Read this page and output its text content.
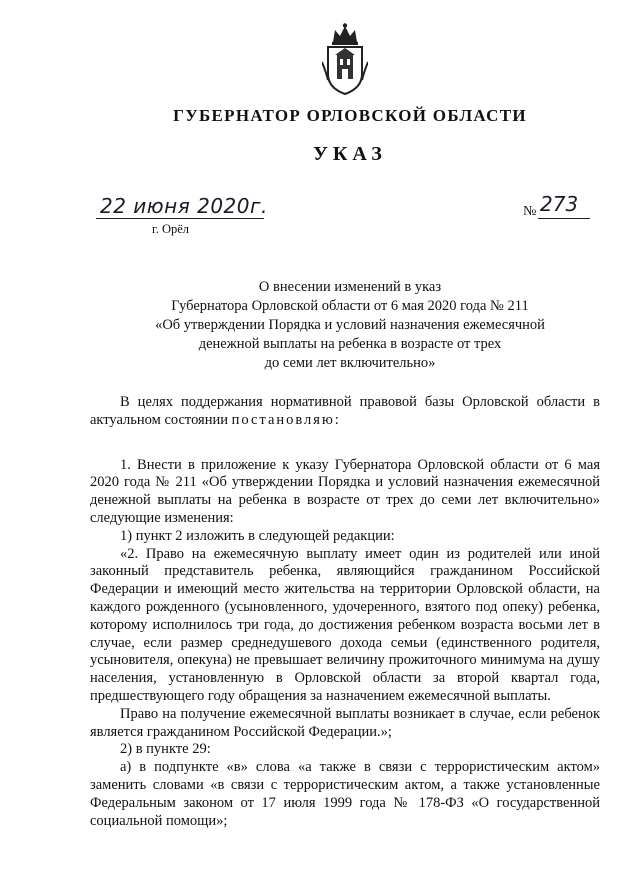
ГУБЕРНАТОР ОРЛОВСКОЙ ОБЛАСТИ
УКАЗ
22 июня 2020г.
г. Орёл
№ 273
О внесении изменений в указ
Губернатора Орловской области от 6 мая 2020 года № 211
«Об утверждении Порядка и условий назначения ежемесячной
денежной выплаты на ребенка в возрасте от трех
до семи лет включительно»

В целях поддержания нормативной правовой базы Орловской области в актуальном состоянии постановляю:

1. Внести в приложение к указу Губернатора Орловской области от 6 мая 2020 года № 211 «Об утверждении Порядка и условий назначения ежемесячной денежной выплаты на ребенка в возрасте от трех до семи лет включительно» следующие изменения:

1) пункт 2 изложить в следующей редакции:

«2. Право на ежемесячную выплату имеет один из родителей или иной законный представитель ребенка, являющийся гражданином Российской Федерации и имеющий место жительства на территории Орловской области, на каждого рожденного (усыновленного, удочеренного, взятого под опеку) ребенка, которому исполнилось три года, до достижения ребенком возраста восьми лет в случае, если размер среднедушевого дохода семьи (единственного родителя, усыновителя, опекуна) не превышает величину прожиточного минимума на душу населения, установленную в Орловской области за второй квартал года, предшествующего году обращения за назначением ежемесячной выплаты.

Право на получение ежемесячной выплаты возникает в случае, если ребенок является гражданином Российской Федерации.»;

2) в пункте 29:

а) в подпункте «в» слова «а также в связи с террористическим актом» заменить словами «в связи с террористическим актом, а также установленные Федеральным законом от 17 июля 1999 года № 178-ФЗ «О государственной социальной помощи»;
